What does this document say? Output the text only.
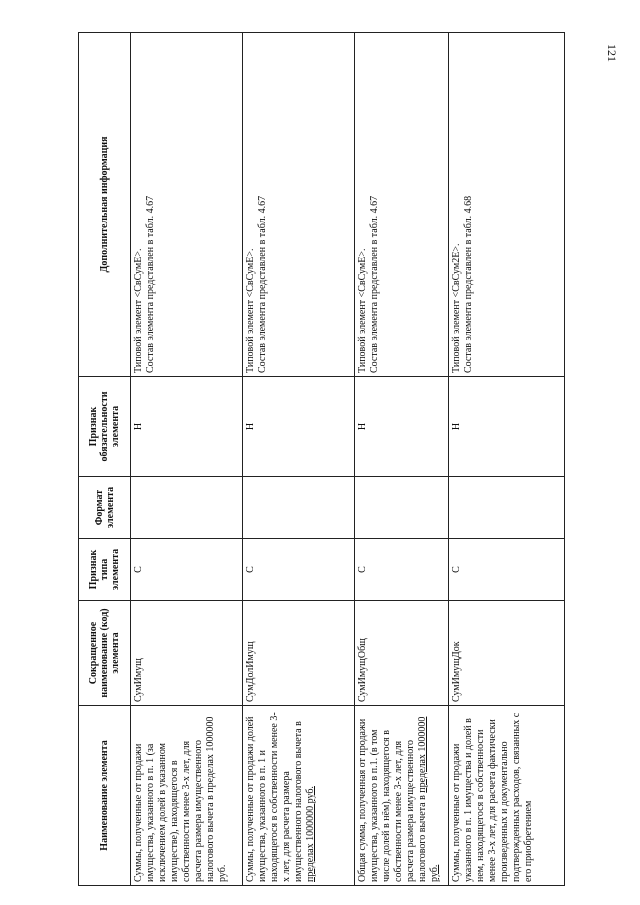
121
Наименование элемента	Сокращенное наименование (код) элемента	Признак типа элемента	Формат элемента	Признак обязательности элемента	Дополнительная информация
Суммы, полученные от продажи имущества, указанного в п. 1 (за исключением долей в указанном имуществе), находящегося в собственности менее 3-х лет, для расчета размера имущественного налогового вычета в пределах 1000000 руб.	СумИмущ	С		Н	Типовой элемент <СвСумЕ>. Состав элемента представлен в табл. 4.67

Суммы, полученные от продажи долей имущества, указанного в п. 1 и находящегося в собственности менее 3-х лет, для расчета размера имущественного налогового вычета в пределах 1000000 руб.	СумДолИмущ	С		Н	Типовой элемент <СвСумЕ>. Состав элемента представлен в табл. 4.67

Общая сумма, полученная от продажи имущества, указанного в п.1. (в том числе долей в нём), находящегося в собственности менее 3-х лет, для расчета размера имущественного налогового вычета в пределах 1000000 руб.	СумИмущОбщ	С		Н	Типовой элемент <СвСумЕ>. Состав элемента представлен в табл. 4.67

Суммы, полученные от продажи указанного в п. 1 имущества и долей в нем, находящегося в собственности менее 3-х лет, для расчета фактически произведенных и документально подтвержденных расходов, связанных с его приобретением	СумИмущДок	С		Н	Типовой элемент <СвСум2Е>. Состав элемента представлен в табл. 4.68
